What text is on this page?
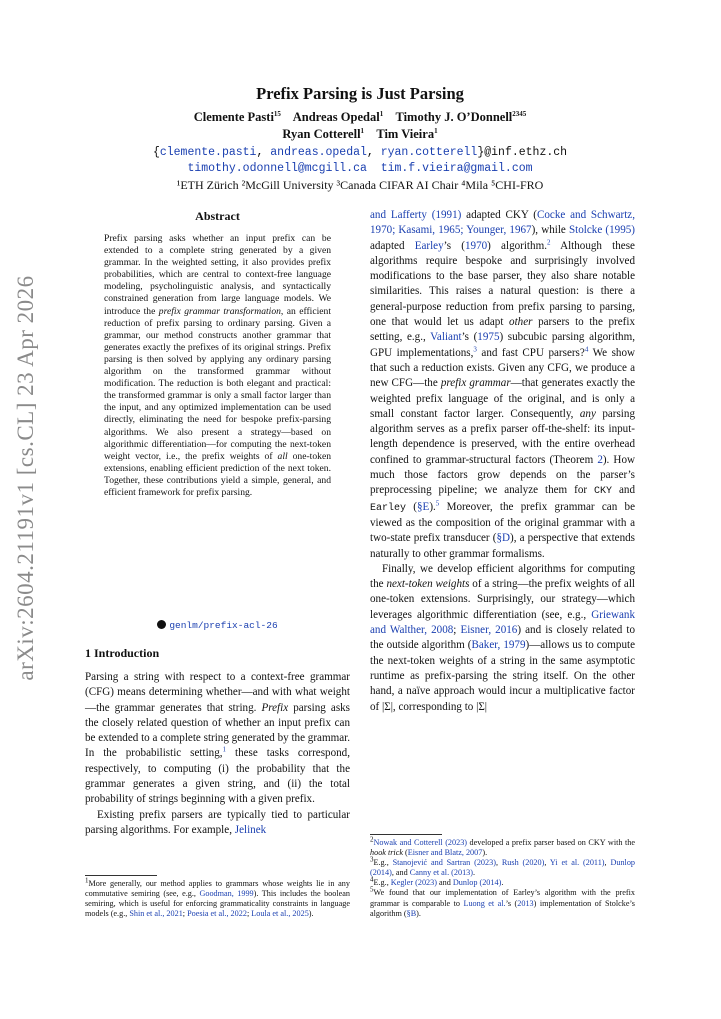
arXiv:2604.21191v1 [cs.CL] 23 Apr 2026
Prefix Parsing is Just Parsing
Clemente Pasti$^{15}$ Andreas Opedal$^1$ Timothy J. O’Donnell$^{2345}$
Ryan Cotterell$^1$ Tim Vieira$^1$
{clemente.pasti, andreas.opedal, ryan.cotterell}@inf.ethz.ch
timothy.odonnell@mcgill.ca tim.f.vieira@gmail.com
¹ETH Zürich ²McGill University ³Canada CIFAR AI Chair ⁴Mila ⁵CHI-FRO
Abstract
Prefix parsing asks whether an input prefix can be extended to a complete string generated by a given grammar. In the weighted setting, it also provides prefix probabilities, which are central to context-free language modeling, psycholinguistic analysis, and syntactically constrained generation from large language models. We introduce the prefix grammar transformation, an efficient reduction of prefix parsing to ordinary parsing. Given a grammar, our method constructs another grammar that generates exactly the prefixes of its original strings. Prefix parsing is then solved by applying any ordinary parsing algorithm on the transformed grammar without modification. The reduction is both elegant and practical: the transformed grammar is only a small factor larger than the input, and any optimized implementation can be used directly, eliminating the need for bespoke prefix-parsing algorithms. We also present a strategy—based on algorithmic differentiation—for computing the next-token weight vector, i.e., the prefix weights of all one-token extensions, enabling efficient prediction of the next token. Together, these contributions yield a simple, general, and efficient framework for prefix parsing.
genlm/prefix-acl-26
1 Introduction

Parsing a string with respect to a context-free grammar (CFG) means determining whether—and with what weight—the grammar generates that string. Prefix parsing asks the closely related question of whether an input prefix can be extended to a complete string generated by the grammar. In the probabilistic setting,$^1$ these tasks correspond, respectively, to computing (i) the probability that the grammar generates a given string, and (ii) the total probability of strings beginning with a given prefix.

Existing prefix parsers are typically tied to particular parsing algorithms. For example, Jelinek

and Lafferty (1991) adapted CKY (Cocke and Schwartz, 1970; Kasami, 1965; Younger, 1967), while Stolcke (1995) adapted Earley’s (1970) algorithm.$^2$ Although these algorithms require bespoke and surprisingly involved modifications to the base parser, they also share notable similarities. This raises a natural question: is there a general-purpose reduction from prefix parsing to parsing, one that would let us adapt other parsers to the prefix setting, e.g., Valiant’s (1975) subcubic parsing algorithm, GPU implementations,$^3$ and fast CPU parsers?$^4$ We show that such a reduction exists. Given any CFG, we produce a new CFG—the prefix grammar—that generates exactly the weighted prefix language of the original, and is only a small constant factor larger. Consequently, any parsing algorithm serves as a prefix parser off-the-shelf: its input-length dependence is preserved, with the entire overhead confined to grammar-structural factors (Theorem 2). How much those factors grow depends on the parser’s preprocessing pipeline; we analyze them for CKY and Earley (§E).$^5$ Moreover, the prefix grammar can be viewed as the composition of the original grammar with a two-state prefix transducer (§D), a perspective that extends naturally to other grammar formalisms.

Finally, we develop efficient algorithms for computing the next-token weights of a string—the prefix weights of all one-token extensions. Surprisingly, our strategy—which leverages algorithmic differentiation (see, e.g., Griewank and Walther, 2008; Eisner, 2016) and is closely related to the outside algorithm (Baker, 1979)—allows us to compute the next-token weights of a string in the same asymptotic runtime as prefix-parsing the string itself. On the other hand, a naïve approach would incur a multiplicative factor of |Σ|, corresponding to |Σ|

$^1$More generally, our method applies to grammars whose weights lie in any commutative semiring (see, e.g., Goodman, 1999). This includes the boolean semiring, which is useful for enforcing grammaticality constraints in language models (e.g., Shin et al., 2021; Poesia et al., 2022; Loula et al., 2025).

$^2$Nowak and Cotterell (2023) developed a prefix parser based on CKY with the hook trick (Eisner and Blatz, 2007).

$^3$E.g., Stanojević and Sartran (2023), Rush (2020), Yi et al. (2011), Dunlop (2014), and Canny et al. (2013).

$^4$E.g., Kegler (2023) and Dunlop (2014).

$^5$We found that our implementation of Earley’s algorithm with the prefix grammar is comparable to Luong et al.’s (2013) implementation of Stolcke’s algorithm (§B).
